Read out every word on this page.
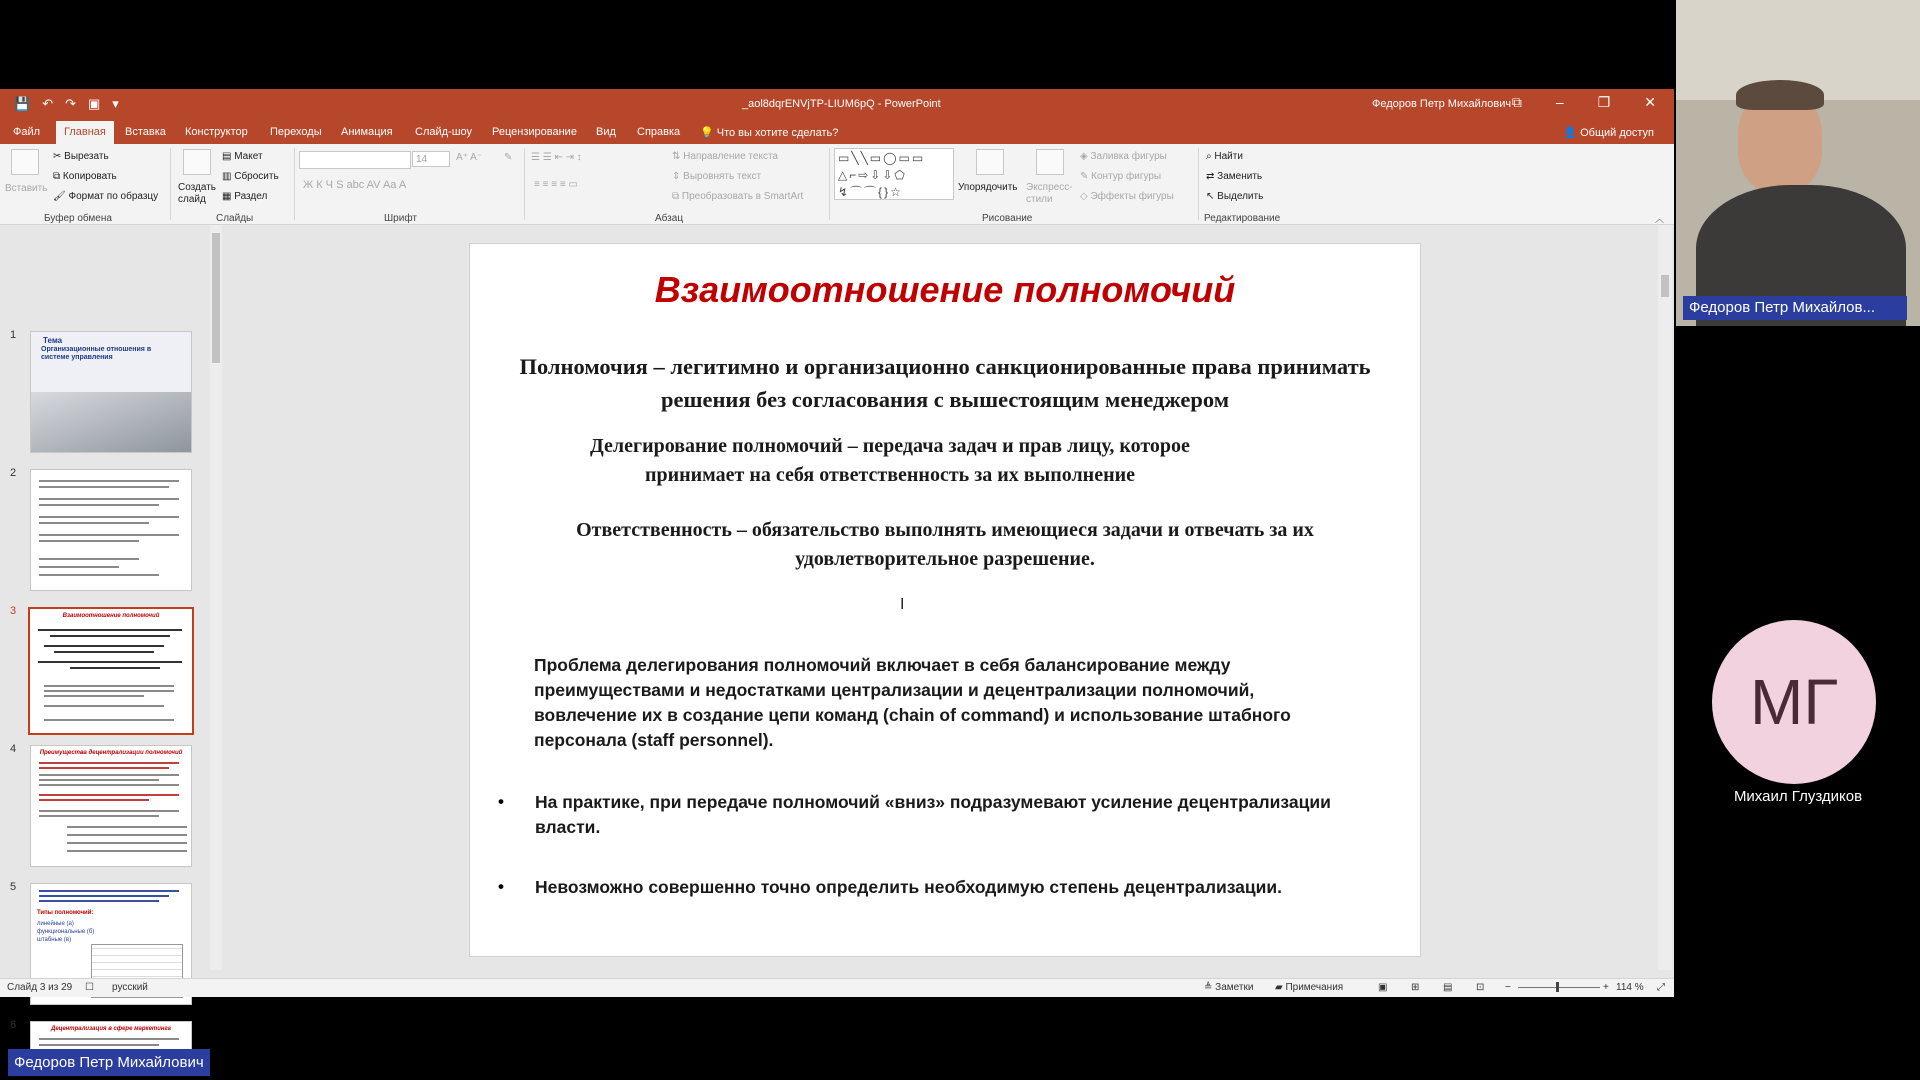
💾 ↶ ↷ ▣ ▾	_aol8dqrENVjTP-LIUM6pQ - PowerPoint	Федоров Петр Михайлович ⧉ – ❐ ✕
Файл	Главная	Вставка Конструктор Переходы Анимация Слайд-шоу Рецензирование Вид Справка 💡 Что вы хотите сделать?	👤 Общий доступ
Вставить
✂ Вырезать
⧉ Копировать
🖌 Формат по образцу
Буфер обмена
Создать слайд
▤ Макет
▥ Сбросить
▦ Раздел
Слайды
14	A⁺ A⁻ ✎
Ж К Ч S abc AV Aa A
Шрифт
☰ ☰ ⇤ ⇥ ↕
≡ ≡ ≡ ≡ ▭
⇅ Направление текста
⇕ Выровнять текст
⧉ Преобразовать в SmartArt
Абзац
▭╲╲▭◯▭▭
△⌐⇨⇩⇩⬠
↯⌒⌒{}☆	Упорядочить Экспресс-стили
◈ Заливка фигуры
✎ Контур фигуры
◇ Эффекты фигуры
Рисование
⌕ Найти
⇄ Заменить
↖ Выделить
Редактирование	︿
1	Тема
Организационные отношения в системе управления
2
3	Взаимоотношение полномочий
4	Преимущества децентрализации полномочий
5
Типы полномочий:
линейные (а)
функциональные (б)
штабные (в)
6	Децентрализация в сфере маркетинга
Взаимоотношение полномочий
Полномочия – легитимно и организационно санкционированные права принимать решения без согласования с вышестоящим менеджером
Делегирование полномочий – передача задач и прав лицу, которое
принимает на себя ответственность за их выполнение
Ответственность – обязательство выполнять имеющиеся задачи и отвечать за их удовлетворительное разрешение.
Проблема делегирования полномочий включает в себя балансирование между преимуществами и недостатками централизации и децентрализации полномочий, вовлечение их в создание цепи команд (chain of command) и использование штабного персонала (staff personnel).
• На практике, при передаче полномочий «вниз» подразумевают усиление децентрализации власти.
• Невозможно совершенно точно определить необходимую степень децентрализации.
Слайд 3 из 29 ☐ русский	≜ Заметки ▰ Примечания	▣ ⊞ ▤ ⊡ −	+ 114 % ⤢
I
Федоров Петр Михайлов...
МГ
Михаил Глуздиков
Федоров Петр Михайлович
